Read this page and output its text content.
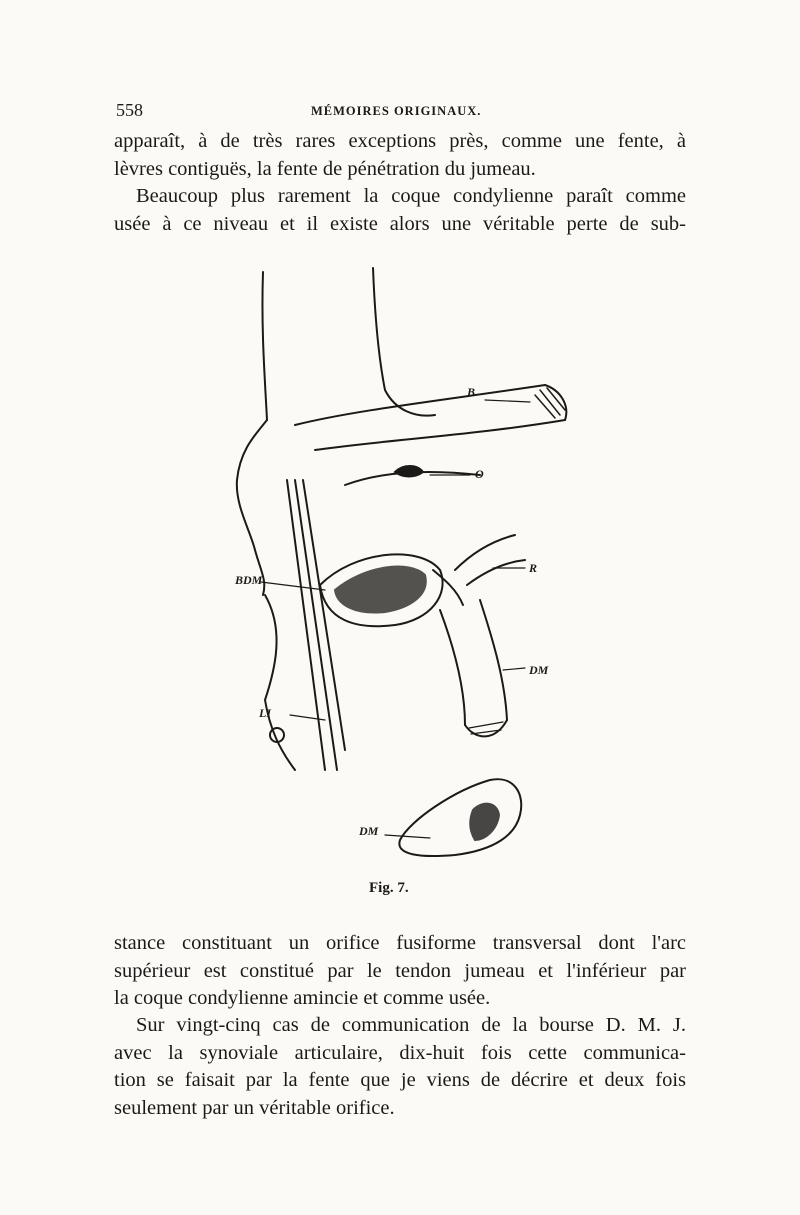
558	MÉMOIRES ORIGINAUX.
apparaît, à de très rares exceptions près, comme une fente, à
lèvres contiguës, la fente de pénétration du jumeau.
Beaucoup plus rarement la coque condylienne paraît comme
usée à ce niveau et il existe alors une véritable perte de sub-
B
O
R
BDM
DM
LI
DM
Fig. 7.
stance constituant un orifice fusiforme transversal dont l'arc
supérieur est constitué par le tendon jumeau et l'inférieur par
la coque condylienne amincie et comme usée.
Sur vingt-cinq cas de communication de la bourse D. M. J.
avec la synoviale articulaire, dix-huit fois cette communica-
tion se faisait par la fente que je viens de décrire et deux fois
seulement par un véritable orifice.
